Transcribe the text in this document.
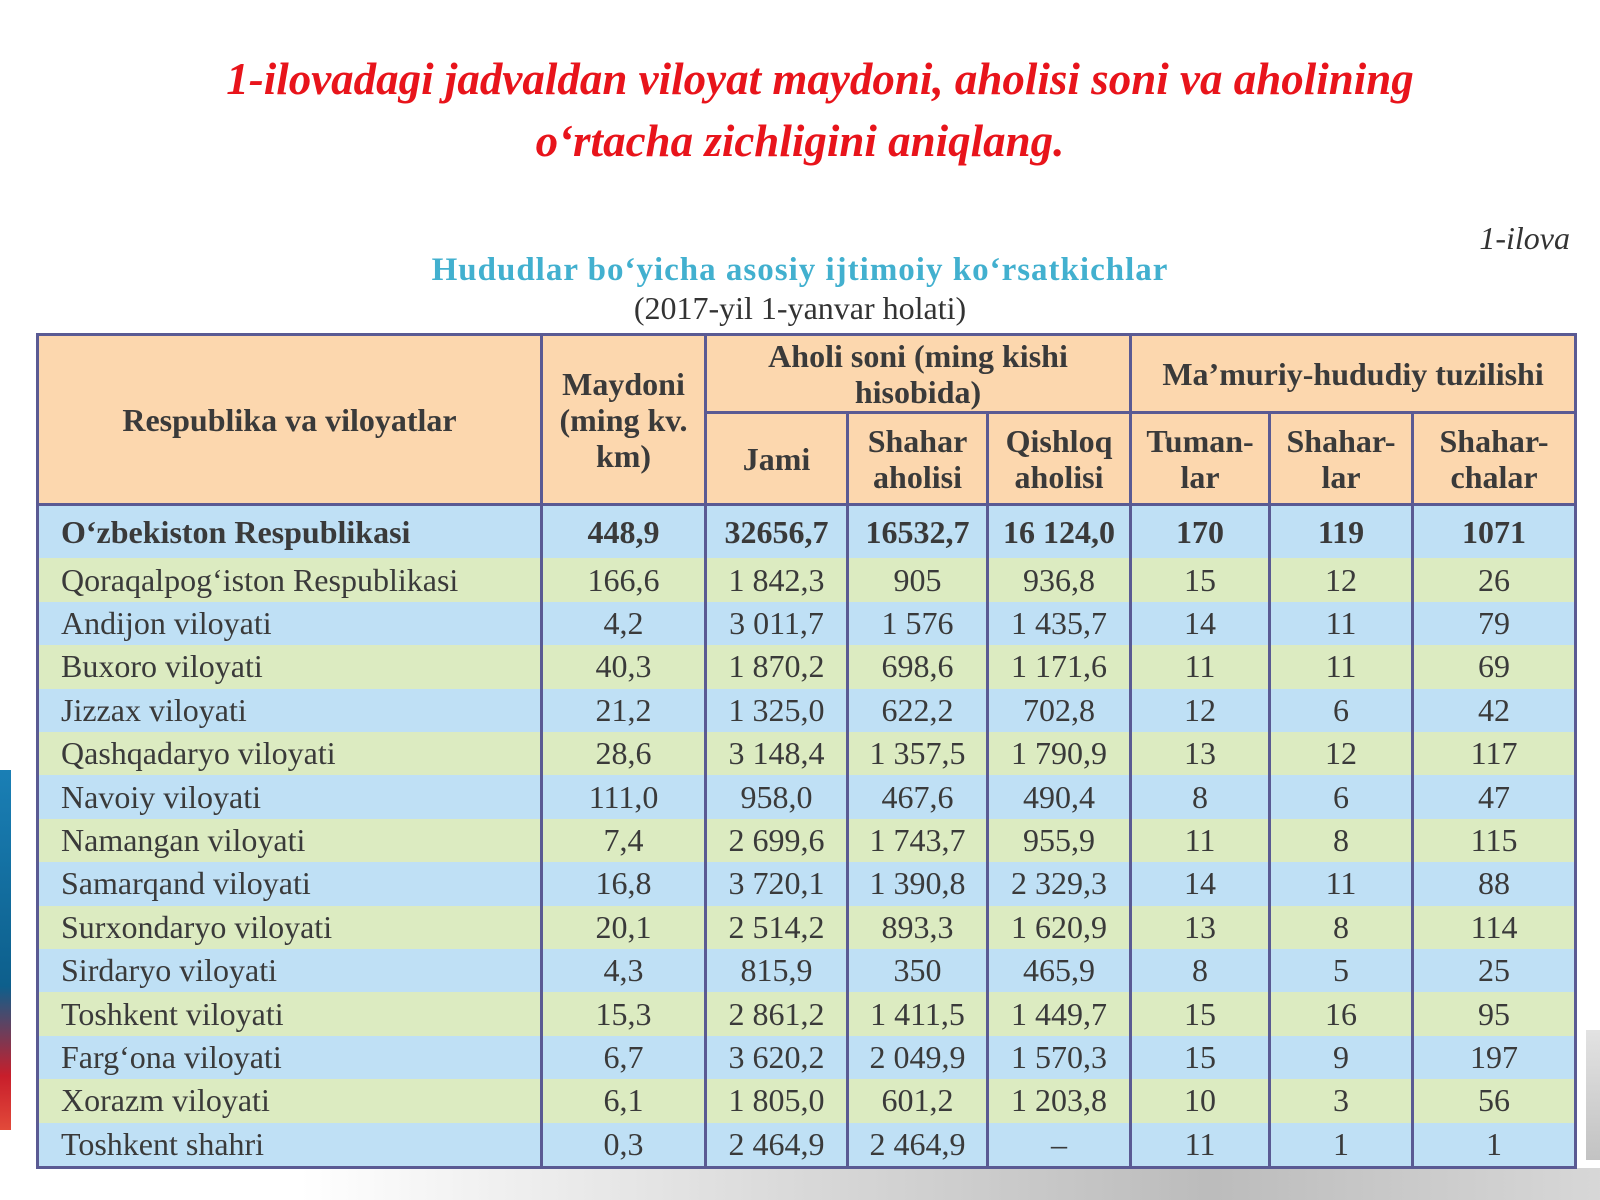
1-ilovadagi jadvaldan viloyat maydoni, aholisi soni va aholining
o‘rtacha zichligini aniqlang.
1-ilova
Hududlar bo‘yicha asosiy ijtimoiy ko‘rsatkichlar
(2017-yil 1-yanvar holati)
Respublika va viloyatlar	Maydoni (ming kv. km)	Aholi soni (ming kishi hisobida)			Ma’muriy-hududiy tuzilishi		
		Jami	Shahar aholisi	Qishloq aholisi	Tuman-lar	Shahar-lar	Shahar-chalar
O‘zbekiston Respublikasi	448,9	32656,7	16532,7	16 124,0	170	119	1071
Qoraqalpog‘iston Respublikasi	166,6	1 842,3	905	936,8	15	12	26
Andijon viloyati	4,2	3 011,7	1 576	1 435,7	14	11	79
Buxoro viloyati	40,3	1 870,2	698,6	1 171,6	11	11	69
Jizzax viloyati	21,2	1 325,0	622,2	702,8	12	6	42
Qashqadaryo viloyati	28,6	3 148,4	1 357,5	1 790,9	13	12	117
Navoiy viloyati	111,0	958,0	467,6	490,4	8	6	47
Namangan viloyati	7,4	2 699,6	1 743,7	955,9	11	8	115
Samarqand viloyati	16,8	3 720,1	1 390,8	2 329,3	14	11	88
Surxondaryo viloyati	20,1	2 514,2	893,3	1 620,9	13	8	114
Sirdaryo viloyati	4,3	815,9	350	465,9	8	5	25
Toshkent viloyati	15,3	2 861,2	1 411,5	1 449,7	15	16	95
Farg‘ona viloyati	6,7	3 620,2	2 049,9	1 570,3	15	9	197
Xorazm viloyati	6,1	1 805,0	601,2	1 203,8	10	3	56
Toshkent shahri	0,3	2 464,9	2 464,9	–	11	1	1
